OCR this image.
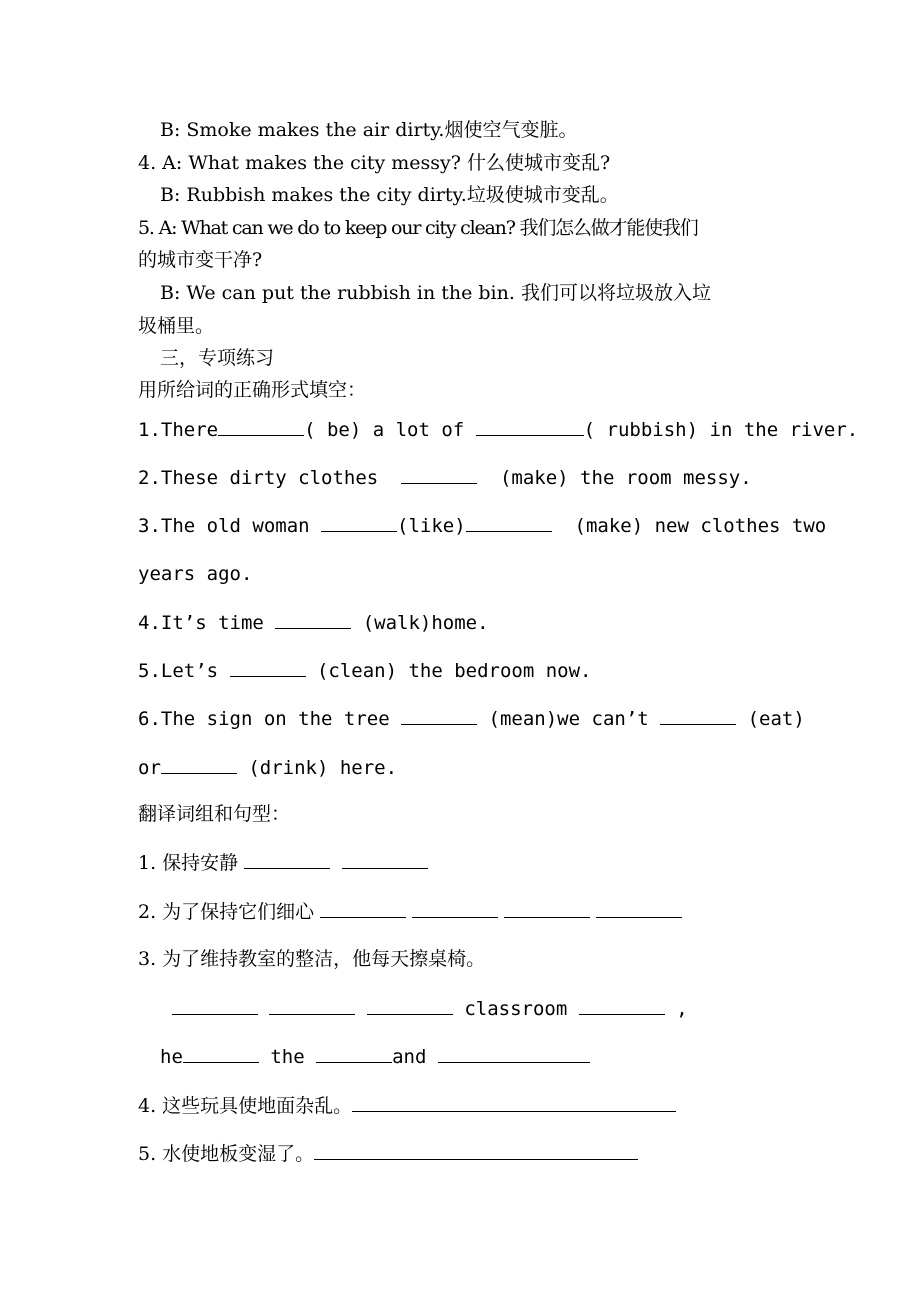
B: Smoke makes the air dirty.烟使空气变脏。
4. A: What makes the city messy? 什么使城市变乱?
B: Rubbish makes the city dirty.垃圾使城市变乱。
5. A: What can we do to keep our city clean? 我们怎么做才能使我们
的城市变干净?
B: We can put the rubbish in the bin. 我们可以将垃圾放入垃
圾桶里。
三，专项练习
用所给词的正确形式填空：
1.There	( be) a lot of	( rubbish) in the river.
2.These dirty clothes	(make) the room messy.
3.The old woman	(like)	(make) new clothes two
years ago.
4.It’s time	(walk)home.
5.Let’s	(clean) the bedroom now.
6.The sign on the tree	(mean)we can’t	(eat)
or	(drink) here.
翻译词组和句型：
1. 保持安静
2. 为了保持它们细心
3. 为了维持教室的整洁，他每天擦桌椅。
classroom	,
he	the	and
4. 这些玩具使地面杂乱。
5. 水使地板变湿了。
